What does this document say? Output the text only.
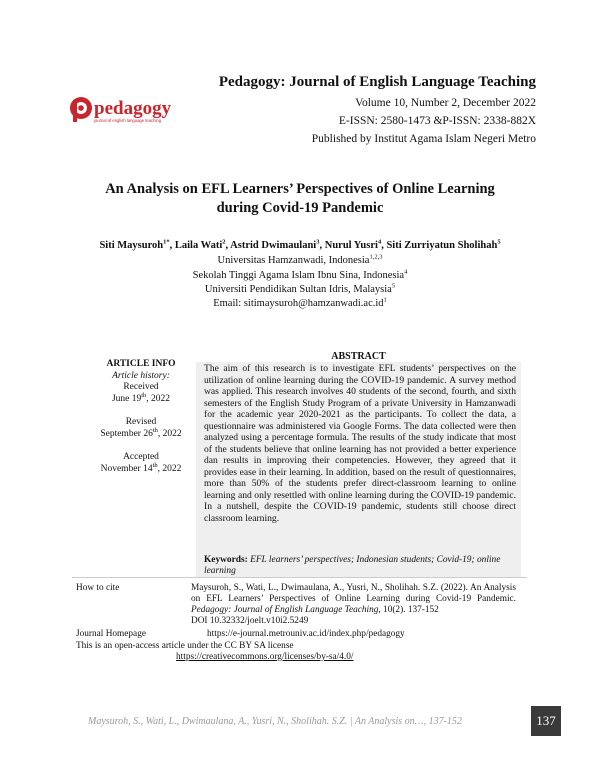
pedagogy
journal of english language teaching
Pedagogy: Journal of English Language Teaching
Volume 10, Number 2, December 2022
E-ISSN: 2580-1473 &P-ISSN: 2338-882X
Published by Institut Agama Islam Negeri Metro
An Analysis on EFL Learners’ Perspectives of Online Learning
during Covid-19 Pandemic
Siti Maysuroh$^{1*}$, Laila Wati$^2$, Astrid Dwimaulani$^3$, Nurul Yusri$^4$, Siti Zurriyatun Sholihah$^5$
Universitas Hamzanwadi, Indonesia$^{1,2,3}$
Sekolah Tinggi Agama Islam Ibnu Sina, Indonesia$^4$
Universiti Pendidikan Sultan Idris, Malaysia$^5$
Email: $sitimaysuroh@hamzanwadi.ac.id^1$
ARTICLE INFO
Article history:
Received
June 19th, 2022
Revised
September 26th, 2022
Accepted
November 14th, 2022
ABSTRACT
The aim of this research is to investigate EFL students’ perspectives on the utilization of online learning during the COVID-19 pandemic. A survey method was applied. This research involves 40 students of the second, fourth, and sixth semesters of the English Study Program of a private University in Hamzanwadi for the academic year 2020-2021 as the participants. To collect the data, a questionnaire was administered via Google Forms. The data collected were then analyzed using a percentage formula. The results of the study indicate that most of the students believe that online learning has not provided a better experience dan results in improving their competencies. However, they agreed that it provides ease in their learning. In addition, based on the result of questionnaires, more than 50% of the students prefer direct-classroom learning to online learning and only resettled with online learning during the COVID-19 pandemic. In a nutshell, despite the COVID-19 pandemic, students still choose direct classroom learning.
Keywords: EFL learners’ perspectives; Indonesian students; Covid-19; online learning
How to cite	Maysuroh, S., Wati, L., Dwimaulana, A., Yusri, N., Sholihah. S.Z. (2022). An Analysis on EFL Learners’ Perspectives of Online Learning during Covid-19 Pandemic. Pedagogy: Journal of English Language Teaching, 10(2). 137-152
DOI 10.32332/joelt.v10i2.5249
Journal Homepage	https://e-journal.metrouniv.ac.id/index.php/pedagogy
This is an open-access article under the CC BY SA license
https://creativecommons.org/licenses/by-sa/4.0/
Maysuroh, S., Wati, L., Dwimaulana, A., Yusri, N., Sholihah. S.Z. | An Analysis on…, 137-152	137
